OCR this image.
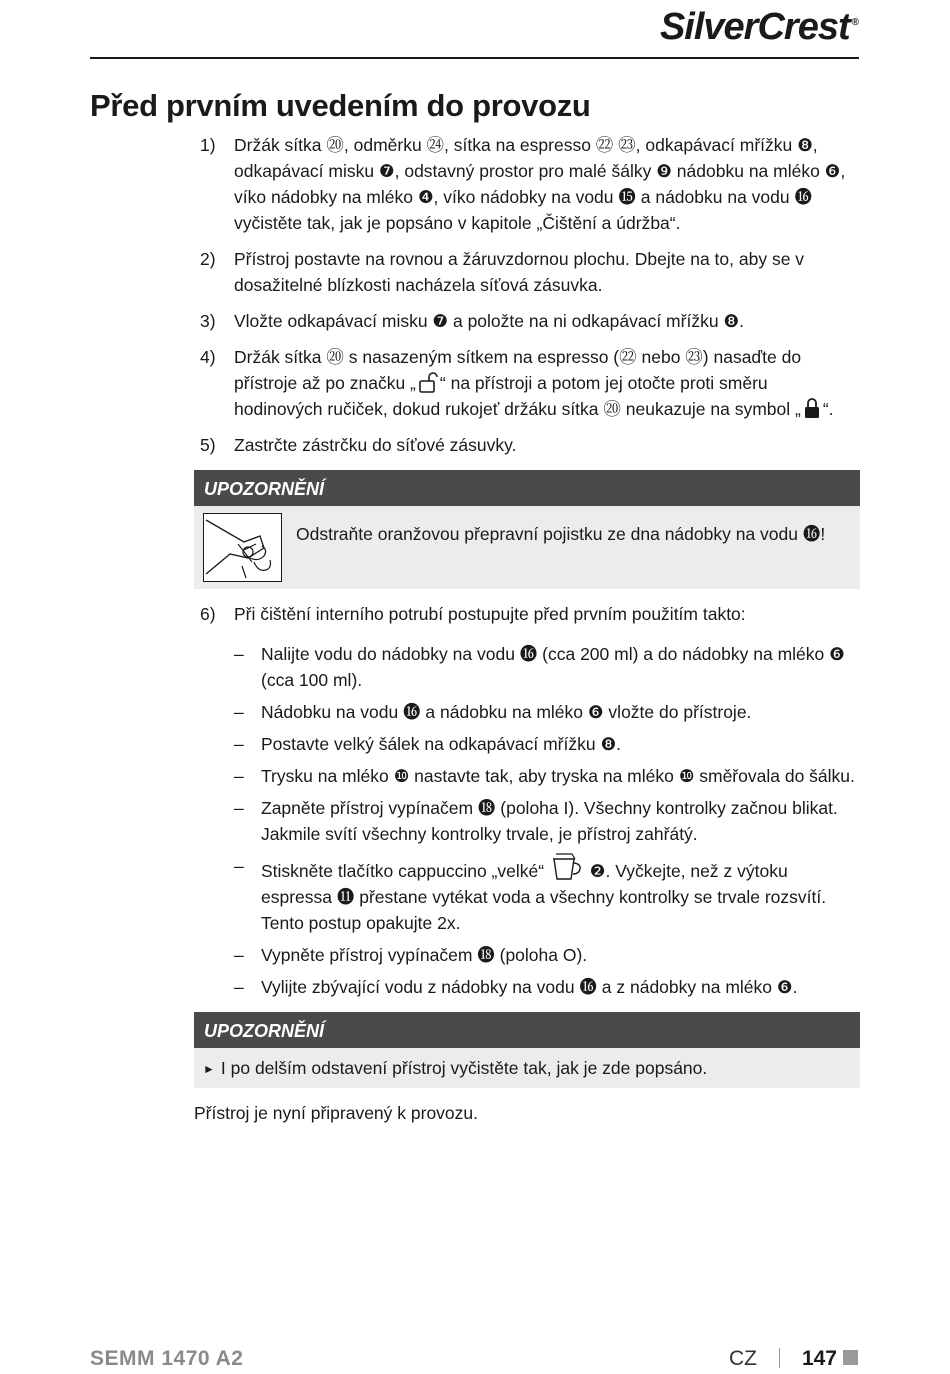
SilverCrest ®
Před prvním uvedením do provozu
1) Držák sítka ⑳, odměrku ㉔, sítka na espresso ㉒ ㉓, odkapávací mřížku ❽, odkapávací misku ❼, odstavný prostor pro malé šálky ❾ nádobku na mléko ❻, víko nádobky na mléko ❹, víko nádobky na vodu ⓯ a nádobku na vodu ⓰ vyčistěte tak, jak je popsáno v kapitole „Čištění a údržba“.
2) Přístroj postavte na rovnou a žáruvzdornou plochu. Dbejte na to, aby se v dosažitelné blízkosti nacházela síťová zásuvka.
3) Vložte odkapávací misku ❼ a položte na ni odkapávací mřížku ❽.
4) Držák sítka ⑳ s nasazeným sítkem na espresso (㉒ nebo ㉓) nasaďte do přístroje až po značku „ “ na přístroji a potom jej otočte proti směru hodinových ručiček, dokud rukojeť držáku sítka ⑳ neukazuje na symbol „ “.
5) Zastrčte zástrčku do síťové zásuvky.
UPOZORNĚNÍ
Odstraňte oranžovou přepravní pojistku ze dna nádobky na vodu ⓰!
6) Při čištění interního potrubí postupujte před prvním použitím takto:
– Nalijte vodu do nádobky na vodu ⓰ (cca 200 ml) a do nádobky na mléko ❻ (cca 100 ml).
– Nádobku na vodu ⓰ a nádobku na mléko ❻ vložte do přístroje.
– Postavte velký šálek na odkapávací mřížku ❽.
– Trysku na mléko ❿ nastavte tak, aby tryska na mléko ❿ směřovala do šálku.
– Zapněte přístroj vypínačem ⓲ (poloha I). Všechny kontrolky začnou blikat. Jakmile svítí všechny kontrolky trvale, je přístroj zahřátý.
– Stiskněte tlačítko cappuccino „velké“  ❷. Vyčkejte, než z výtoku espressa ⓫ přestane vytékat voda a všechny kontrolky se trvale rozsvítí. Tento postup opakujte 2x.
– Vypněte přístroj vypínačem ⓲ (poloha O).
– Vylijte zbývající vodu z nádobky na vodu ⓰ a z nádobky na mléko ❻.
UPOZORNĚNÍ
► I po delším odstavení přístroj vyčistěte tak, jak je zde popsáno.
Přístroj je nyní připravený k provozu.
SEMM 1470 A2	CZ 147
